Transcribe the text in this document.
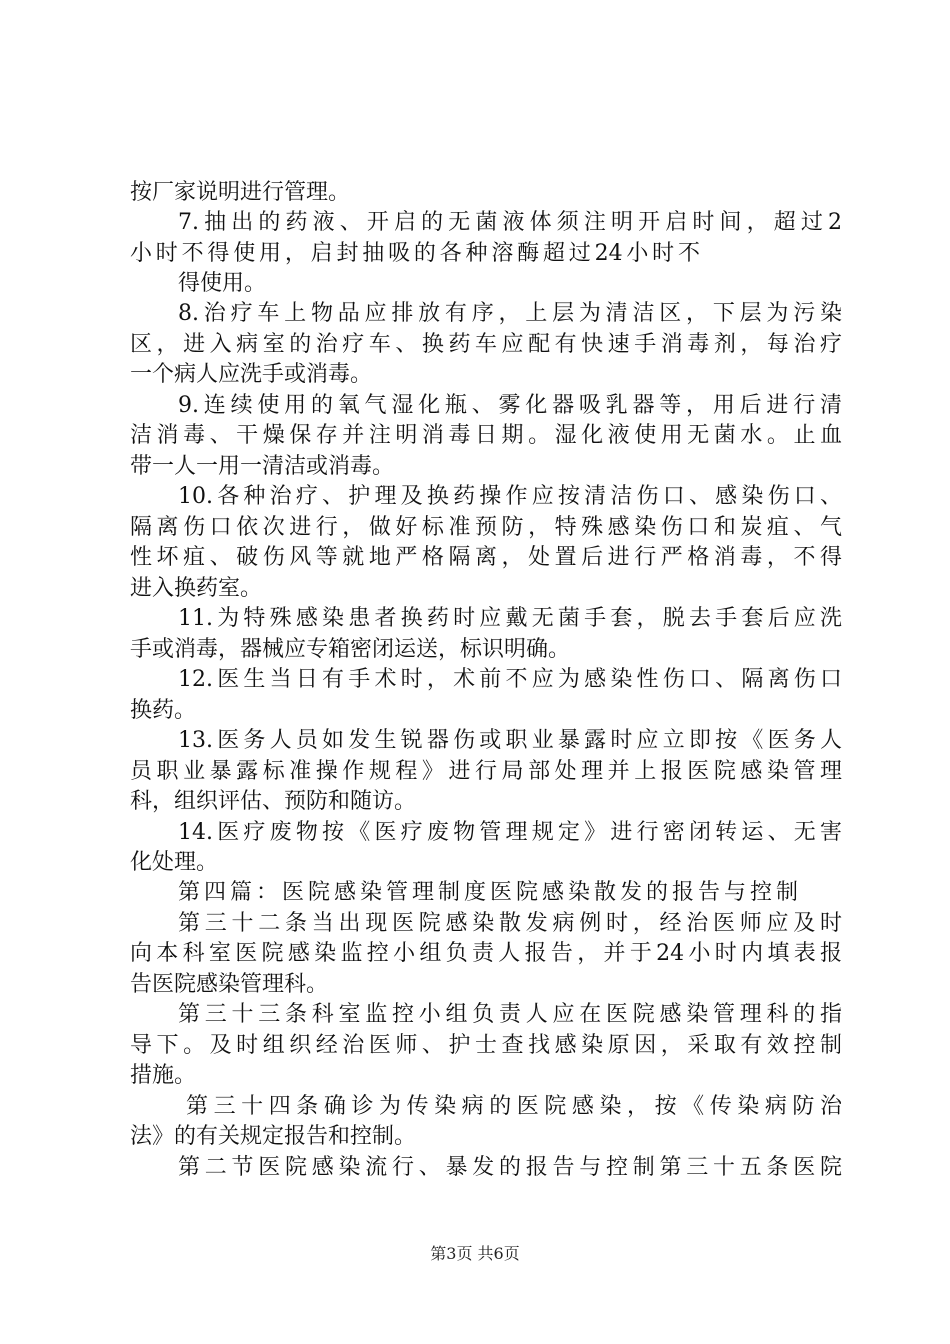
按厂家说明进行管理。
7.抽出的药液、开启的无菌液体须注明开启时间，超过2
小时不得使用，启封抽吸的各种溶酶超过24小时不
得使用。
8.治疗车上物品应排放有序，上层为清洁区，下层为污染
区，进入病室的治疗车、换药车应配有快速手消毒剂，每治疗
一个病人应洗手或消毒。
9.连续使用的氧气湿化瓶、雾化器吸乳器等，用后进行清
洁消毒、干燥保存并注明消毒日期。湿化液使用无菌水。止血
带一人一用一清洁或消毒。
10.各种治疗、护理及换药操作应按清洁伤口、感染伤口、
隔离伤口依次进行，做好标准预防，特殊感染伤口和炭疽、气
性坏疽、破伤风等就地严格隔离，处置后进行严格消毒，不得
进入换药室。
11.为特殊感染患者换药时应戴无菌手套，脱去手套后应洗
手或消毒，器械应专箱密闭运送，标识明确。
12.医生当日有手术时，术前不应为感染性伤口、隔离伤口
换药。
13.医务人员如发生锐器伤或职业暴露时应立即按《医务人
员职业暴露标准操作规程》进行局部处理并上报医院感染管理
科，组织评估、预防和随访。
14.医疗废物按《医疗废物管理规定》进行密闭转运、无害
化处理。
第四篇：医院感染管理制度医院感染散发的报告与控制
第三十二条当出现医院感染散发病例时，经治医师应及时
向本科室医院感染监控小组负责人报告，并于24小时内填表报
告医院感染管理科。
第三十三条科室监控小组负责人应在医院感染管理科的指
导下。及时组织经治医师、护士查找感染原因，采取有效控制
措施。
第三十四条确诊为传染病的医院感染，按《传染病防治
法》的有关规定报告和控制。
第二节医院感染流行、暴发的报告与控制第三十五条医院
第3页 共6页
